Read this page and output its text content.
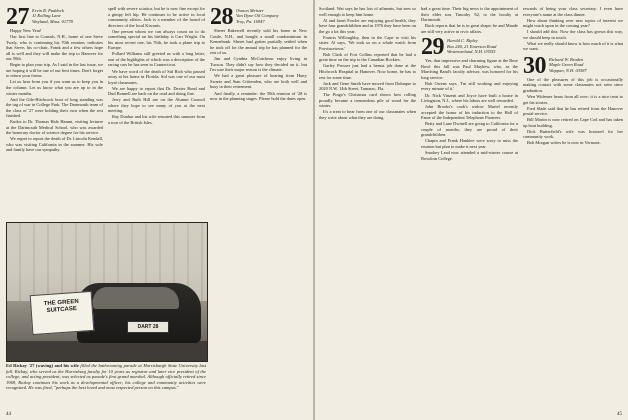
27 Ervin R. Paddock
11 Rolling Lane
Wayland, Mass. 01778

Happy New Year!

Our first line to Cornish, N.H., home of one Steve Twaly, who is continuing his 70th reunion, indicates that Steve, his co-chair, Frank and a few others hope all is well and they will make the trip to Hanover for our 50th.

Begin to plan your trip. As I said in the last issue, we are hoping it will be one of our best times. Don't forget to return your forms.

Let us hear from you if you want us to keep you in the column. Let us know what you are up to in the winter months.

And the Gile-Hitchcock bout of long standing was the tug of war in College Park. The Dartmouth team of the class of '27 were holding their own when the rest finished.

Kudos to Dr. Thomas Hale Hamm, visiting lecturer at the Dartmouth Medical School, who was awarded the honorary doctor of science degree for his service.

We regret to report the death of Dr. Lincoln Kendall, who was visiting California in the summer. His wife and family have our sympathy.

spell with severe sciatica, but he is now fine except for a gimpy left hip. He continues to be active in local community affairs. Jack is a member of the board of directors of the local Kiwanis.

One person whom we can always count on to do something special on his birthday is Carr Wright. On his most recent one, his 76th, he took a plane trip to Europe.

Pollard Williams still greeted us with a long letter, one of the highlights of which was a description of the racing cars he has seen in Connecticut.

We have word of the death of Sid Rich who passed away at his home in Florida. Sid was one of our most loyal classmates.

We are happy to report that Dr. Dexter Bond and Dud Bonnell are back on the road and doing fine.

Jerry and Ruth Hill are on the Alumni Council where they hope to see many of you at the next meeting.

Ray Dunbar and his wife returned this summer from a tour of the British Isles.

28 Osmon Meister
Van Dyne Oil Company
Troy, Pa. 16947

Sheret Bakewell recently sold his home in New Castle, N.H., and bought a small condominium in Kennebunk. Sheret had gotten partially settled when he took off for the annual trip he has planned for the rest of us.

Jim and Cynthia McCutcheon enjoy living in Tucson. They didn't say how they decided on it, but I'm sure their major reason is the climate.

We had a great pleasure of hearing from Harry Swartz and Stan Crittenden, who are both well and busy in their retirement.

And finally, a reminder: the 50th reunion of '28 is now in the planning stages. Please hold the dates open.

DART 28
THE GREEN SUITCASE
Ed Rickay '27 (waving) and his wife filled the bathrooming parade at Harrisburgh State University last fall. Rickay, who served as the Harrisburg faculty for 10 years as registrar and later vice president of the college, and acting president, was selected as parade's first grand marshal. Although officially retired since 1969, Rickay continues his work as a developmental officer; his college and community activities were recognized. He was fired, "perhaps the best loved and most respected person on this campus."
44

Scotland. Wat says he has lots of ailments, but sees so well enough to keep him home.

Al and Janet Fowler are enjoying good health, they have four grandchildren and in 1976 they have been on the go a lot this year.

Francis Willoughby, then in the Cape to visit his sister. Al says, 'We took us on a whale watch from Provincetown.'

Bob Clark of Fort Collins reported that he had a great time on the trip to the Canadian Rockies.

Garley Prosser just had a hernia job done at the Hitchcock Hospital in Hanover. Now home, he has to rest for some time.

Jack and Gene Smith have moved from Dubuque to 2020 N.W. 14th Street, Tamarac, Fla.

The Pingo's Christmas card shows how rolling proudly became a tremendous pile of wood for the winter.

It's a treat to hear from one of our classmates when they write about what they are doing.

had a great time. Their big news is the appointment of their elder son, Timothy '62, to the faculty at Dartmouth.

Buck reports that he is in great shape; he and Maude are still very active in civic affairs.

29 Harold C. Ripley
Box 240, 21 Emerson Road
Westmoreland, N.H. 03555

Yes, that impressive and charming figure at the Rose Bowl this fall was Paul Mayhew, who, as the Marching Band's faculty advisor, was honored for his long service.

Bob Owens says, 'I'm still working and enjoying every minute of it.'

Dr. Nick Vinzent and Joyce have built a house in Livingston, N.J., where his labors are well rewarded.

John Brooks's cook's widow Muriel recently accepted the honor of his induction to the Hall of Fame of the Independent Telephone Pioneers.

Betty and Lane Dwinell are going to California for a couple of months; they are proud of their grandchildren.

Chapin and Frank Hanklee were sorry to miss the reunion but plan to make it next year.

Smokey Lead now attended a mid-winter course at Bowdoin College.

rewards of being your class secretary. I even have everyone's name at the class dinner.

How about thinking over new topics of interest we might touch upon in the coming year?

I should add this: Now the class has grown this way, we should keep in touch.

What we really should know is how much of it is what we want.

30 Richard W. Bruden
Maple Green Road
Wappan, N.H. 03587

One of the pleasures of this job is occasionally making contact with some classmates not seen since graduation.

Wen Widemer hears from all over; it is a nice treat to get his stories.

Fred Slade said that he has retired from the Hanover postal service.

Bill Martin is now retired on Cape Cod and has taken up boat building.

Dick Butterfield's wife was honored for her community work.

Bob Morgan writes he is now in Vermont.

45
